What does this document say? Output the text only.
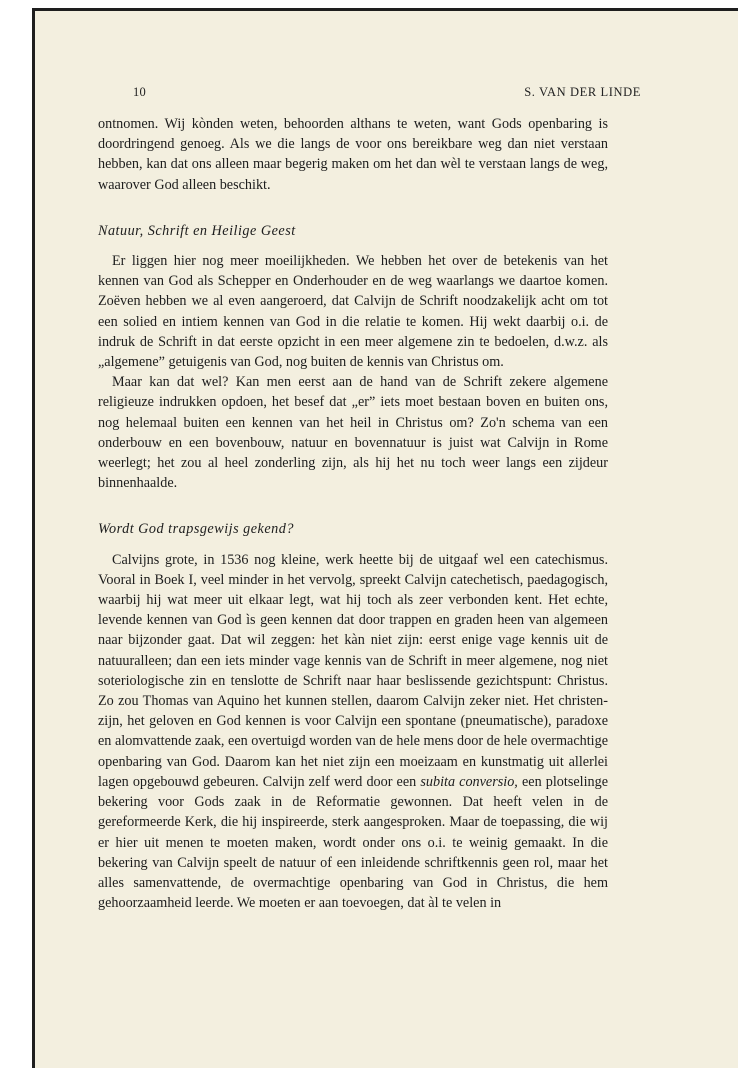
10	S. VAN DER LINDE

ontnomen. Wij kònden weten, behoorden althans te weten, want Gods openbaring is doordringend genoeg. Als we die langs de voor ons bereikbare weg dan niet verstaan hebben, kan dat ons alleen maar begerig maken om het dan wèl te verstaan langs de weg, waarover God alleen beschikt.

Natuur, Schrift en Heilige Geest

Er liggen hier nog meer moeilijkheden. We hebben het over de betekenis van het kennen van God als Schepper en Onderhouder en de weg waarlangs we daartoe komen. Zoëven hebben we al even aangeroerd, dat Calvijn de Schrift noodzakelijk acht om tot een solied en intiem kennen van God in die relatie te komen. Hij wekt daarbij o.i. de indruk de Schrift in dat eerste opzicht in een meer algemene zin te bedoelen, d.w.z. als „algemene” getuigenis van God, nog buiten de kennis van Christus om.

Maar kan dat wel? Kan men eerst aan de hand van de Schrift zekere algemene religieuze indrukken opdoen, het besef dat „er” iets moet bestaan boven en buiten ons, nog helemaal buiten een kennen van het heil in Christus om? Zo'n schema van een onderbouw en een bovenbouw, natuur en bovennatuur is juist wat Calvijn in Rome weerlegt; het zou al heel zonderling zijn, als hij het nu toch weer langs een zijdeur binnenhaalde.

Wordt God trapsgewijs gekend?

Calvijns grote, in 1536 nog kleine, werk heette bij de uitgaaf wel een catechismus. Vooral in Boek I, veel minder in het vervolg, spreekt Calvijn catechetisch, paedagogisch, waarbij hij wat meer uit elkaar legt, wat hij toch als zeer verbonden kent. Het echte, levende kennen van God ìs geen kennen dat door trappen en graden heen van algemeen naar bijzonder gaat. Dat wil zeggen: het kàn niet zijn: eerst enige vage kennis uit de natuuralleen; dan een iets minder vage kennis van de Schrift in meer algemene, nog niet soteriologische zin en tenslotte de Schrift naar haar beslissende gezichtspunt: Christus. Zo zou Thomas van Aquino het kunnen stellen, daarom Calvijn zeker niet. Het christen-zijn, het geloven en God kennen is voor Calvijn een spontane (pneumatische), paradoxe en alomvattende zaak, een overtuigd worden van de hele mens door de hele overmachtige openbaring van God. Daarom kan het niet zijn een moeizaam en kunstmatig uit allerlei lagen opgebouwd gebeuren. Calvijn zelf werd door een subita conversio, een plotselinge bekering voor Gods zaak in de Reformatie gewonnen. Dat heeft velen in de gereformeerde Kerk, die hij inspireerde, sterk aangesproken. Maar de toepassing, die wij er hier uit menen te moeten maken, wordt onder ons o.i. te weinig gemaakt. In die bekering van Calvijn speelt de natuur of een inleidende schriftkennis geen rol, maar het alles samenvattende, de overmachtige openbaring van God in Christus, die hem gehoorzaamheid leerde. We moeten er aan toevoegen, dat àl te velen in
